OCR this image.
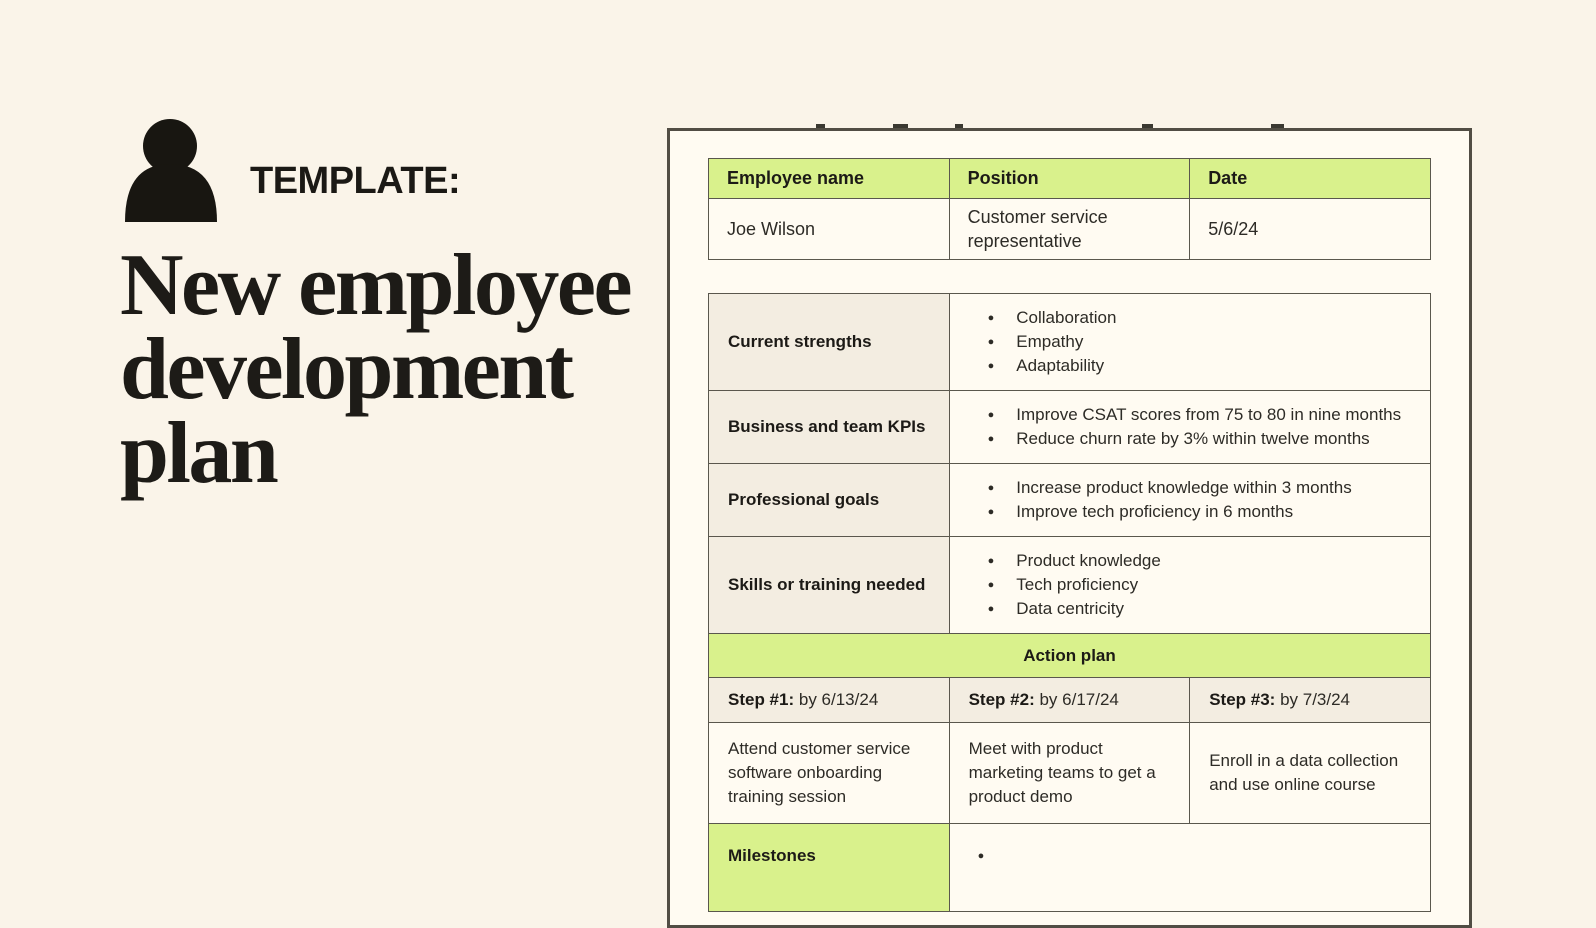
TEMPLATE:
New employee development plan
Employee name	Position	Date
Joe Wilson	Customer service representative	5/6/24
Current strengths	
● Collaboration
● Empathy
● Adaptability

Business and team KPIs	
● Improve CSAT scores from 75 to 80 in nine months
● Reduce churn rate by 3% within twelve months

Professional goals	
● Increase product knowledge within 3 months
● Improve tech proficiency in 6 months

Skills or training needed	
● Product knowledge
● Tech proficiency
● Data centricity

Action plan		
Step #1: by 6/13/24	Step #2: by 6/17/24	Step #3: by 7/3/24
Attend customer service software onboarding training session	Meet with product marketing teams to get a product demo	Enroll in a data collection and use online course
Milestones	
●
